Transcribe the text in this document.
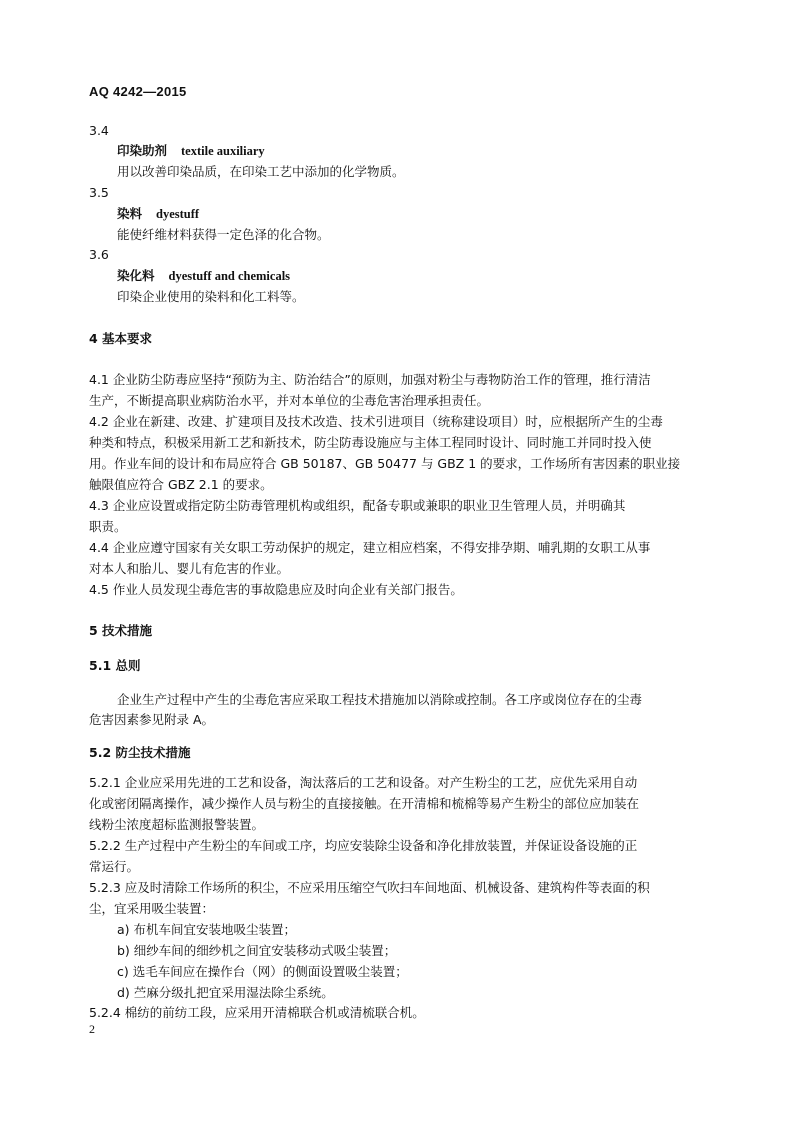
AQ 4242—2015
3.4
印染助剂 textile auxiliary
用以改善印染品质，在印染工艺中添加的化学物质。
3.5
染料 dyestuff
能使纤维材料获得一定色泽的化合物。
3.6
染化料 dyestuff and chemicals
印染企业使用的染料和化工料等。
4 基本要求
4.1 企业防尘防毒应坚持“预防为主、防治结合”的原则，加强对粉尘与毒物防治工作的管理，推行清洁
生产，不断提高职业病防治水平，并对本单位的尘毒危害治理承担责任。
4.2 企业在新建、改建、扩建项目及技术改造、技术引进项目（统称建设项目）时，应根据所产生的尘毒
种类和特点，积极采用新工艺和新技术，防尘防毒设施应与主体工程同时设计、同时施工并同时投入使
用。作业车间的设计和布局应符合 GB 50187、GB 50477 与 GBZ 1 的要求，工作场所有害因素的职业接
触限值应符合 GBZ 2.1 的要求。
4.3 企业应设置或指定防尘防毒管理机构或组织，配备专职或兼职的职业卫生管理人员，并明确其
职责。
4.4 企业应遵守国家有关女职工劳动保护的规定，建立相应档案，不得安排孕期、哺乳期的女职工从事
对本人和胎儿、婴儿有危害的作业。
4.5 作业人员发现尘毒危害的事故隐患应及时向企业有关部门报告。
5 技术措施
5.1 总则
企业生产过程中产生的尘毒危害应采取工程技术措施加以消除或控制。各工序或岗位存在的尘毒
危害因素参见附录 A。
5.2 防尘技术措施
5.2.1 企业应采用先进的工艺和设备，淘汰落后的工艺和设备。对产生粉尘的工艺，应优先采用自动
化或密闭隔离操作，减少操作人员与粉尘的直接接触。在开清棉和梳棉等易产生粉尘的部位应加装在
线粉尘浓度超标监测报警装置。
5.2.2 生产过程中产生粉尘的车间或工序，均应安装除尘设备和净化排放装置，并保证设备设施的正
常运行。
5.2.3 应及时清除工作场所的积尘，不应采用压缩空气吹扫车间地面、机械设备、建筑构件等表面的积
尘，宜采用吸尘装置：
a) 布机车间宜安装地吸尘装置；
b) 细纱车间的细纱机之间宜安装移动式吸尘装置；
c) 选毛车间应在操作台（网）的侧面设置吸尘装置；
d) 苎麻分级扎把宜采用湿法除尘系统。
5.2.4 棉纺的前纺工段，应采用开清棉联合机或清梳联合机。
2
